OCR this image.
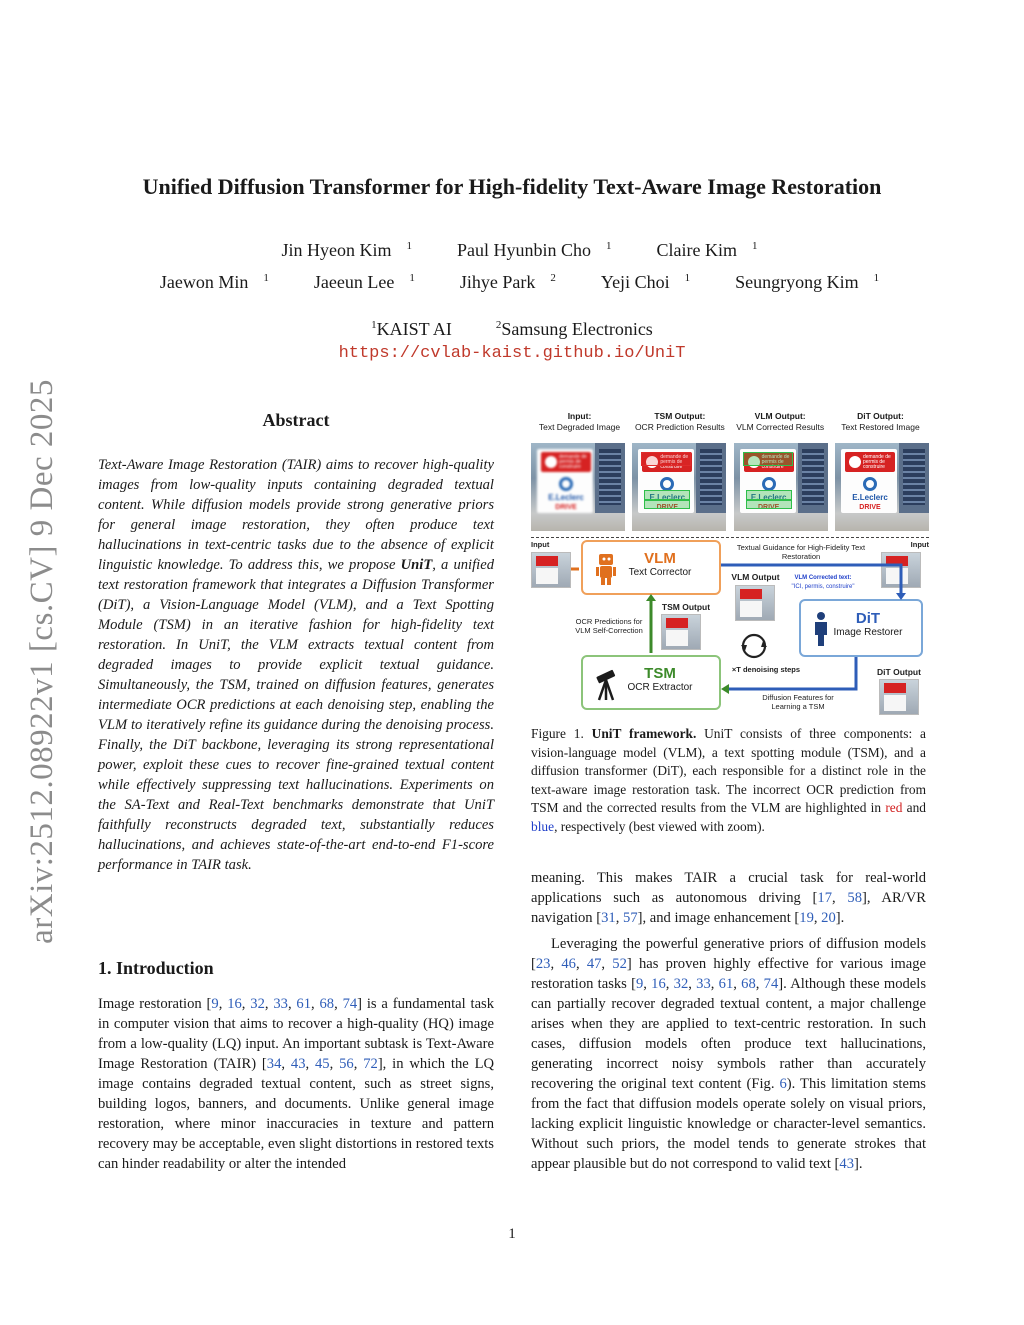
arXiv:2512.08922v1 [cs.CV] 9 Dec 2025
Unified Diffusion Transformer for High-fidelity Text-Aware Image Restoration
Jin Hyeon Kim $^1$	Paul Hyunbin Cho $^1$	Claire Kim $^1$
Jaewon Min $^1$	Jaeeun Lee $^1$	Jihye Park $^2$	Yeji Choi $^1$	Seungryong Kim $^1$
$^1$KAIST AI	$^2$Samsung Electronics
https://cvlab-kaist.github.io/UniT
Abstract
Text-Aware Image Restoration (TAIR) aims to recover high-quality images from low-quality inputs containing degraded textual content. While diffusion models provide strong generative priors for general image restoration, they often produce text hallucinations in text-centric tasks due to the absence of explicit linguistic knowledge. To address this, we propose UniT, a unified text restoration framework that integrates a Diffusion Transformer (DiT), a Vision-Language Model (VLM), and a Text Spotting Module (TSM) in an iterative fashion for high-fidelity text restoration. In UniT, the VLM extracts textual content from degraded images to provide explicit textual guidance. Simultaneously, the TSM, trained on diffusion features, generates intermediate OCR predictions at each denoising step, enabling the VLM to iteratively refine its guidance during the denoising process. Finally, the DiT backbone, leveraging its strong representational power, exploit these cues to recover fine-grained textual content while effectively suppressing text hallucinations. Experiments on the SA-Text and Real-Text benchmarks demonstrate that UniT faithfully reconstructs degraded text, substantially reduces hallucinations, and achieves state-of-the-art end-to-end F1-score performance in TAIR task.
1. Introduction
Image restoration [9, 16, 32, 33, 61, 68, 74] is a fundamental task in computer vision that aims to recover a high-quality (HQ) image from a low-quality (LQ) input. An important subtask is Text-Aware Image Restoration (TAIR) [34, 43, 45, 56, 72], in which the LQ image contains degraded textual content, such as street signs, building logos, banners, and documents. Unlike general image restoration, where minor inaccuracies in texture and pattern recovery may be acceptable, even slight distortions in restored texts can hinder readability or alter the intended
Input:
Text Degraded Image
TSM Output:
OCR Prediction Results
VLM Output:
VLM Corrected Results
DiT Output:
Text Restored Image
demande de permis de construire
E.Leclerc
DRIVE
demande de permis de construire
E.Leclerc
DRIVE
demande de permis de construire
E.Leclerc
DRIVE
demande de permis de construire
E.Leclerc
DRIVE
Input	Input
VLM
Text Corrector
Textual Guidance for High-Fidelity Text Restoration
VLM Output	VLM Corrected text:
"ICI, permis, construire"
TSM Output
OCR Predictions for VLM Self-Correction
DiT
Image Restorer
×T denoising steps	DiT Output
TSM
OCR Extractor
Diffusion Features for Learning a TSM
Figure 1. UniT framework. UniT consists of three components: a vision-language model (VLM), a text spotting module (TSM), and a diffusion transformer (DiT), each responsible for a distinct role in the text-aware image restoration task. The incorrect OCR prediction from TSM and the corrected results from the VLM are highlighted in red and blue, respectively (best viewed with zoom).
meaning. This makes TAIR a crucial task for real-world applications such as autonomous driving [17, 58], AR/VR navigation [31, 57], and image enhancement [19, 20].
Leveraging the powerful generative priors of diffusion models [23, 46, 47, 52] has proven highly effective for various image restoration tasks [9, 16, 32, 33, 61, 68, 74]. Although these models can partially recover degraded textual content, a major challenge arises when they are applied to text-centric restoration. In such cases, diffusion models often produce text hallucinations, generating incorrect noisy symbols rather than accurately recovering the original text content (Fig. 6). This limitation stems from the fact that diffusion models operate solely on visual priors, lacking explicit linguistic knowledge or character-level semantics. Without such priors, the model tends to generate strokes that appear plausible but do not correspond to valid text [43].
1
